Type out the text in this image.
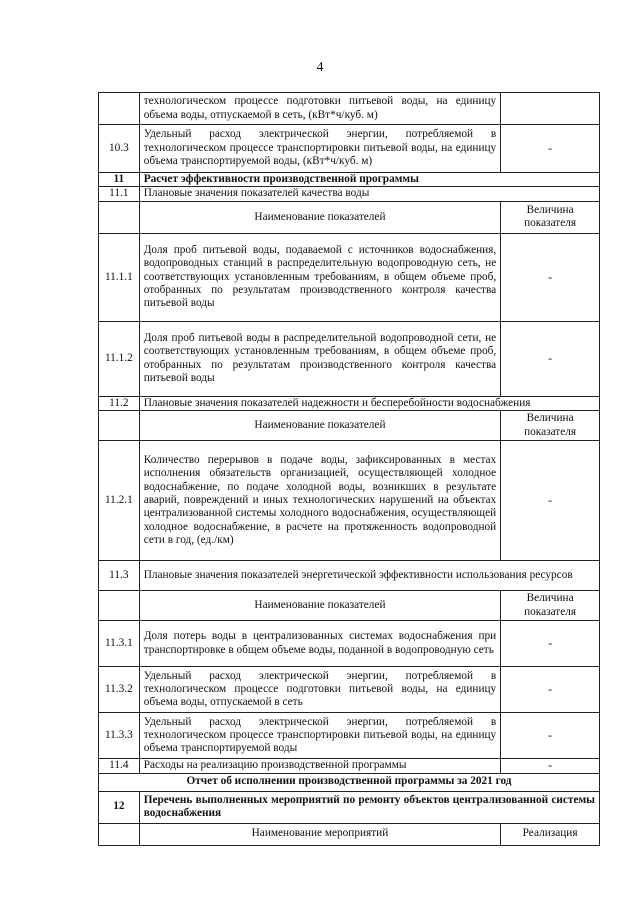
4
	технологическом процессе подготовки питьевой воды, на единицу объема воды, отпускаемой в сеть, (кВт*ч/куб. м)	
10.3	Удельный расход электрической энергии, потребляемой в технологическом процессе транспортировки питьевой воды, на единицу объема транспортируемой воды, (кВт*ч/куб. м)	-
11	Расчет эффективности производственной программы	
11.1	Плановые значения показателей качества воды	
	Наименование показателей	Величина показателя
11.1.1	Доля проб питьевой воды, подаваемой с источников водоснабжения, водопроводных станций в распределительную водопроводную сеть, не соответствующих установленным требованиям, в общем объеме проб, отобранных по результатам производственного контроля качества питьевой воды	-
11.1.2	Доля проб питьевой воды в распределительной водопроводной сети, не соответствующих установленным требованиям, в общем объеме проб, отобранных по результатам производственного контроля качества питьевой воды	-
11.2	Плановые значения показателей надежности и бесперебойности водоснабжения	
	Наименование показателей	Величина показателя
11.2.1	Количество перерывов в подаче воды, зафиксированных в местах исполнения обязательств организацией, осуществляющей холодное водоснабжение, по подаче холодной воды, возникших в результате аварий, повреждений и иных технологических нарушений на объектах централизованной системы холодного водоснабжения, осуществляющей холодное водоснабжение, в расчете на протяженность водопроводной сети в год, (ед./км)	-
11.3	Плановые значения показателей энергетической эффективности использования ресурсов	
	Наименование показателей	Величина показателя
11.3.1	Доля потерь воды в централизованных системах водоснабжения при транспортировке в общем объеме воды, поданной в водопроводную сеть	-
11.3.2	Удельный расход электрической энергии, потребляемой в технологическом процессе подготовки питьевой воды, на единицу объема воды, отпускаемой в сеть	-
11.3.3	Удельный расход электрической энергии, потребляемой в технологическом процессе транспортировки питьевой воды, на единицу объема транспортируемой воды	-
11.4	Расходы на реализацию производственной программы	-
Отчет об исполнении производственной программы за 2021 год		
12	Перечень выполненных мероприятий по ремонту объектов централизованной системы водоснабжения	
	Наименование мероприятий	Реализация
